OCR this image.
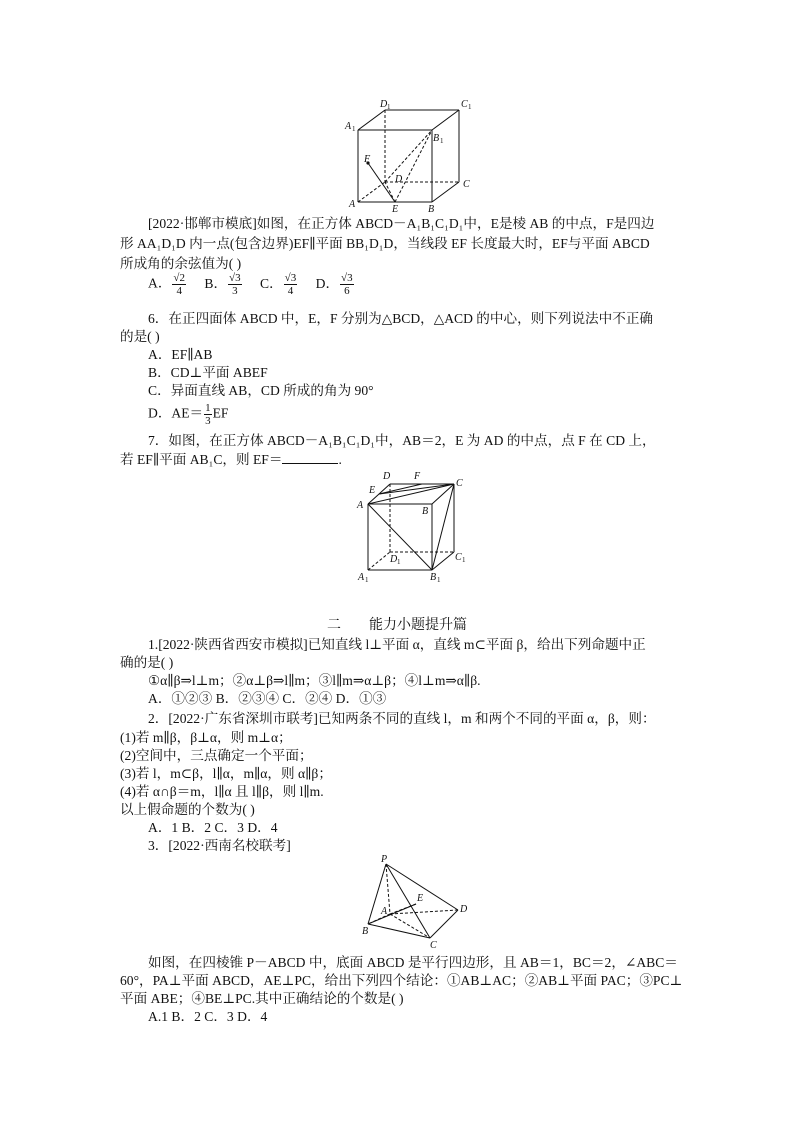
D 1	C 1
A 1
B 1
F
D	C
A	E	B
[2022·邯郸市模底]如图，在正方体 ABCD－A₁B₁C₁D₁中，E是棱 AB 的中点，F是四边
形 AA₁D₁D 内一点(包含边界)EF∥平面 BB₁D₁D，当线段 EF 长度最大时，EF与平面 ABCD
所成角的余弦值为( )
A． $\frac{√2}{4}$ B． $\frac{√3}{3}$ C． $\frac{√3}{4}$ D． $\frac{√3}{6}$
6．在正四面体 ABCD 中，E，F 分别为△BCD，△ACD 的中心，则下列说法中不正确
的是( )
A．EF∥AB
B．CD⊥平面 ABEF
C．异面直线 AB，CD 所成的角为 90°
D．$AE= \frac{1}{3}$ EF
7．如图，在正方体 ABCD－A₁B₁C₁D₁中，AB＝2，E 为 AD 的中点，点 F 在 CD 上，
若 EF∥平面 AB₁C，则 EF＝	.
D F
C
E
A
B
D 1	C 1
A 1	B 1
二 能力小题提升篇
1.[2022·陕西省西安市模拟]已知直线 l⊥平面 α，直线 m⊂平面 β，给出下列命题中正
确的是( )
①α∥β⇒l⊥m；②α⊥β⇒l∥m；③l∥m⇒α⊥β；④l⊥m⇒α∥β.
A．①②③ B．②③④ C．②④ D．①③
2．[2022·广东省深圳市联考]已知两条不同的直线 l，m 和两个不同的平面 α，β，则：
(1)若 m∥β，β⊥α，则 m⊥α；
(2)空间中，三点确定一个平面；
(3)若 l，m⊂β，l∥α，m∥α，则 α∥β；
(4)若 α∩β＝m，l∥α 且 l∥β，则 l∥m.
以上假命题的个数为( )
A．1 B．2 C．3 D．4
3．[2022·西南名校联考]
P
A
E
D
B
C
如图，在四棱锥 P－ABCD 中，底面 ABCD 是平行四边形，且 AB＝1，BC＝2，∠ABC＝
60°，PA⊥平面 ABCD，AE⊥PC，给出下列四个结论：①AB⊥AC；②AB⊥平面 PAC；③PC⊥
平面 ABE；④BE⊥PC.其中正确结论的个数是( )
A.1 B．2 C．3 D．4
